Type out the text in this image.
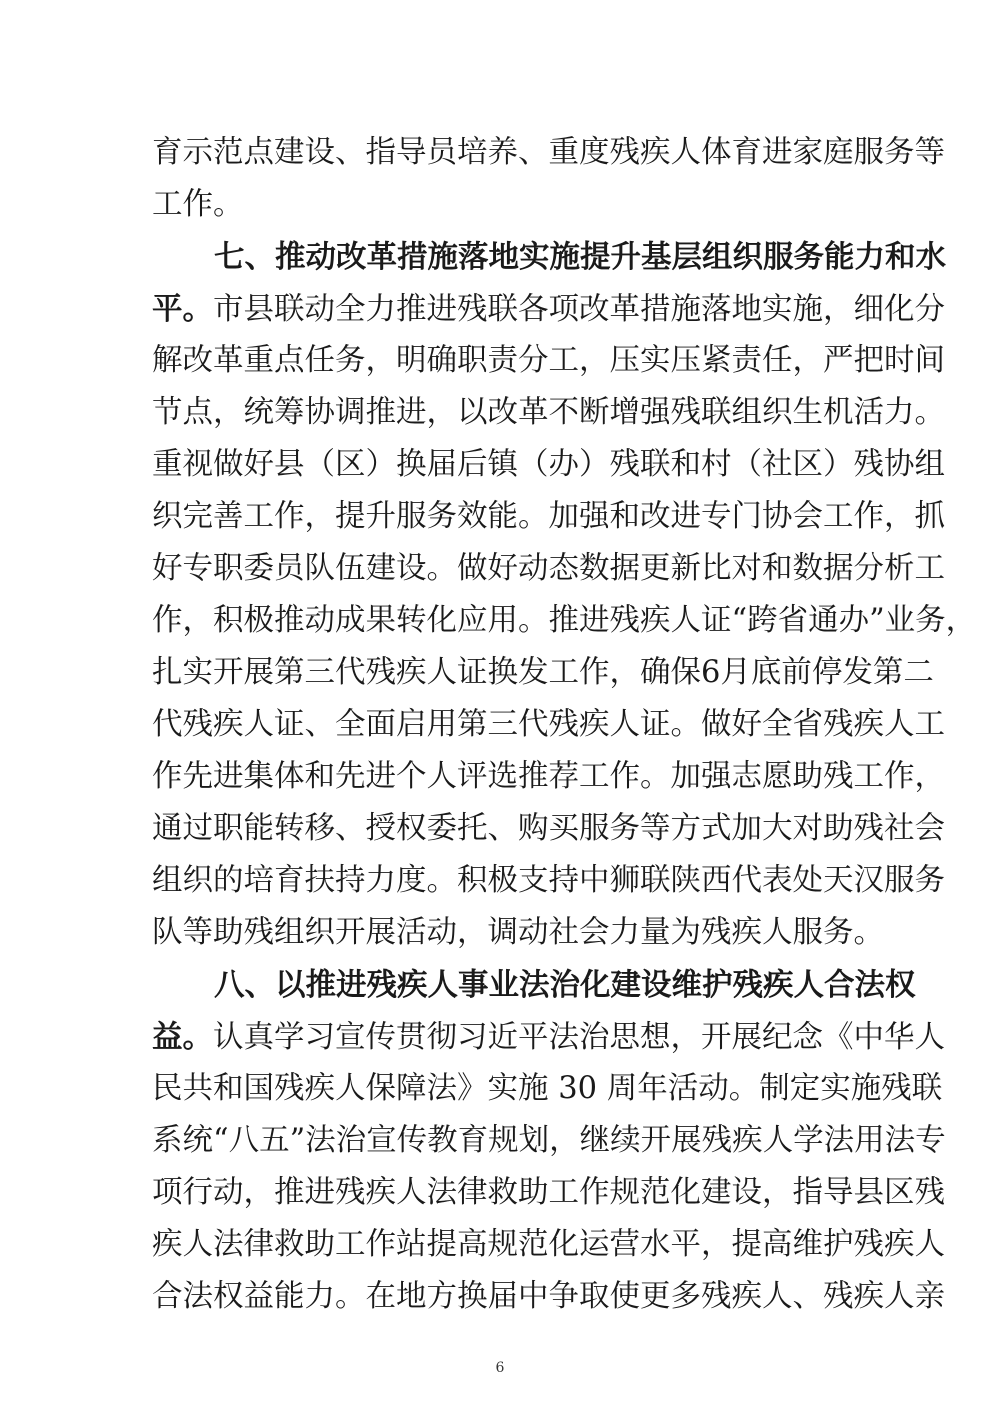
育示范点建设、指导员培养、重度残疾人体育进家庭服务等
工作。
七、推动改革措施落地实施提升基层组织服务能力和水
平。市县联动全力推进残联各项改革措施落地实施，细化分
解改革重点任务，明确职责分工，压实压紧责任，严把时间
节点，统筹协调推进，以改革不断增强残联组织生机活力。
重视做好县（区）换届后镇（办）残联和村（社区）残协组
织完善工作，提升服务效能。加强和改进专门协会工作，抓
好专职委员队伍建设。做好动态数据更新比对和数据分析工
作，积极推动成果转化应用。推进残疾人证“跨省通办”业务，
扎实开展第三代残疾人证换发工作，确保6月底前停发第二
代残疾人证、全面启用第三代残疾人证。做好全省残疾人工
作先进集体和先进个人评选推荐工作。加强志愿助残工作，
通过职能转移、授权委托、购买服务等方式加大对助残社会
组织的培育扶持力度。积极支持中狮联陕西代表处天汉服务
队等助残组织开展活动，调动社会力量为残疾人服务。
八、以推进残疾人事业法治化建设维护残疾人合法权
益。认真学习宣传贯彻习近平法治思想，开展纪念《中华人
民共和国残疾人保障法》实施 30 周年活动。制定实施残联
系统“八五”法治宣传教育规划，继续开展残疾人学法用法专
项行动，推进残疾人法律救助工作规范化建设，指导县区残
疾人法律救助工作站提高规范化运营水平，提高维护残疾人
合法权益能力。在地方换届中争取使更多残疾人、残疾人亲
6
